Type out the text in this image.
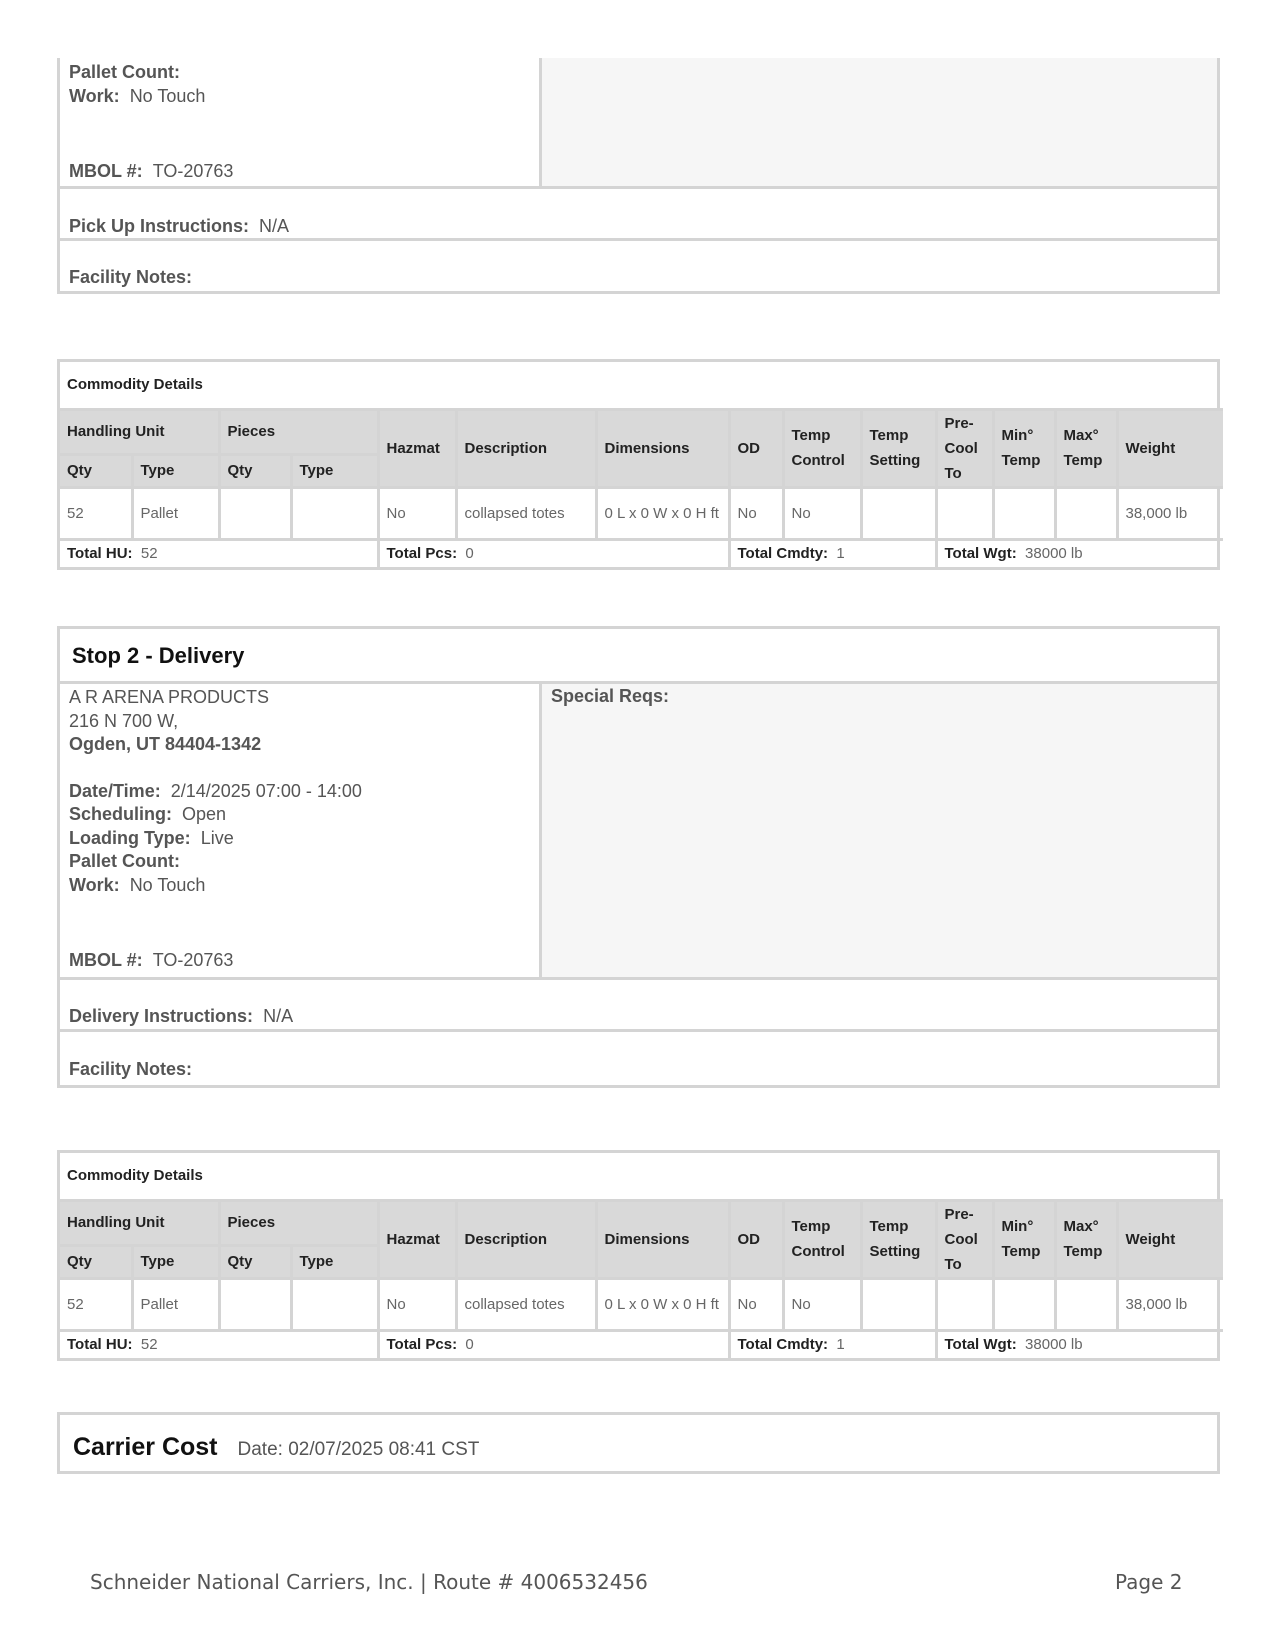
Pallet Count:
Work: No Touch
MBOL #: TO-20763
Pick Up Instructions: N/A
Facility Notes:
Commodity Details													
Handling Unit		Pieces		Hazmat	Description	Dimensions	OD	Temp Control	Temp Setting	Pre-Cool To	Min° Temp	Max° Temp	Weight
Qty	Type	Qty	Type										
52	Pallet			No	collapsed totes	0 L x 0 W x 0 H ft	No	No					38,000 lb
Total HU: 52				Total Pcs: 0			Total Cmdty: 1			Total Wgt: 38000 lb			
Stop 2 - Delivery
A R ARENA PRODUCTS
216 N 700 W,
Ogden, UT 84404-1342
Date/Time: 2/14/2025 07:00 - 14:00
Scheduling: Open
Loading Type: Live
Pallet Count:
Work: No Touch
MBOL #: TO-20763
Special Reqs:
Delivery Instructions: N/A
Facility Notes:
Commodity Details													
Handling Unit		Pieces		Hazmat	Description	Dimensions	OD	Temp Control	Temp Setting	Pre-Cool To	Min° Temp	Max° Temp	Weight
Qty	Type	Qty	Type										
52	Pallet			No	collapsed totes	0 L x 0 W x 0 H ft	No	No					38,000 lb
Total HU: 52				Total Pcs: 0			Total Cmdty: 1			Total Wgt: 38000 lb			
Carrier Cost Date: 02/07/2025 08:41 CST
Schneider National Carriers, Inc. | Route # 4006532456	Page 2
